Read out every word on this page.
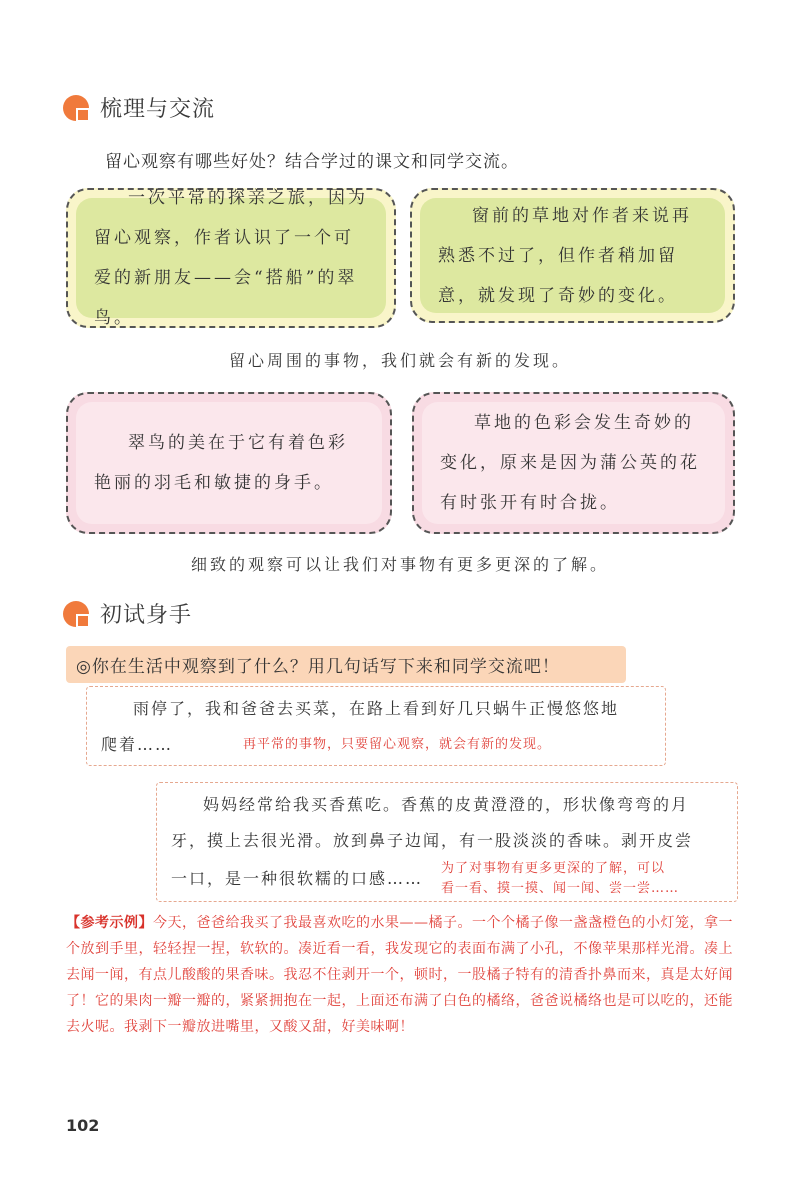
梳理与交流
留心观察有哪些好处？结合学过的课文和同学交流。
一次平常的探亲之旅，因为留心观察，作者认识了一个可爱的新朋友——会“搭船”的翠鸟。
窗前的草地对作者来说再熟悉不过了，但作者稍加留意，就发现了奇妙的变化。
留心周围的事物，我们就会有新的发现。
翠鸟的美在于它有着色彩艳丽的羽毛和敏捷的身手。
草地的色彩会发生奇妙的变化，原来是因为蒲公英的花有时张开有时合拢。
细致的观察可以让我们对事物有更多更深的了解。
初试身手
◎你在生活中观察到了什么？用几句话写下来和同学交流吧！
雨停了，我和爸爸去买菜，在路上看到好几只蜗牛正慢悠悠地
爬着……	再平常的事物，只要留心观察，就会有新的发现。
妈妈经常给我买香蕉吃。香蕉的皮黄澄澄的，形状像弯弯的月
牙，摸上去很光滑。放到鼻子边闻，有一股淡淡的香味。剥开皮尝
一口，是一种很软糯的口感……
为了对事物有更多更深的了解，可以
看一看、摸一摸、闻一闻、尝一尝……
【参考示例】今天，爸爸给我买了我最喜欢吃的水果——橘子。一个个橘子像一盏盏橙色的小灯笼，拿一个放到手里，轻轻捏一捏，软软的。凑近看一看，我发现它的表面布满了小孔，不像苹果那样光滑。凑上去闻一闻，有点儿酸酸的果香味。我忍不住剥开一个，顿时，一股橘子特有的清香扑鼻而来，真是太好闻了！它的果肉一瓣一瓣的，紧紧拥抱在一起，上面还布满了白色的橘络，爸爸说橘络也是可以吃的，还能去火呢。我剥下一瓣放进嘴里，又酸又甜，好美味啊！
102
